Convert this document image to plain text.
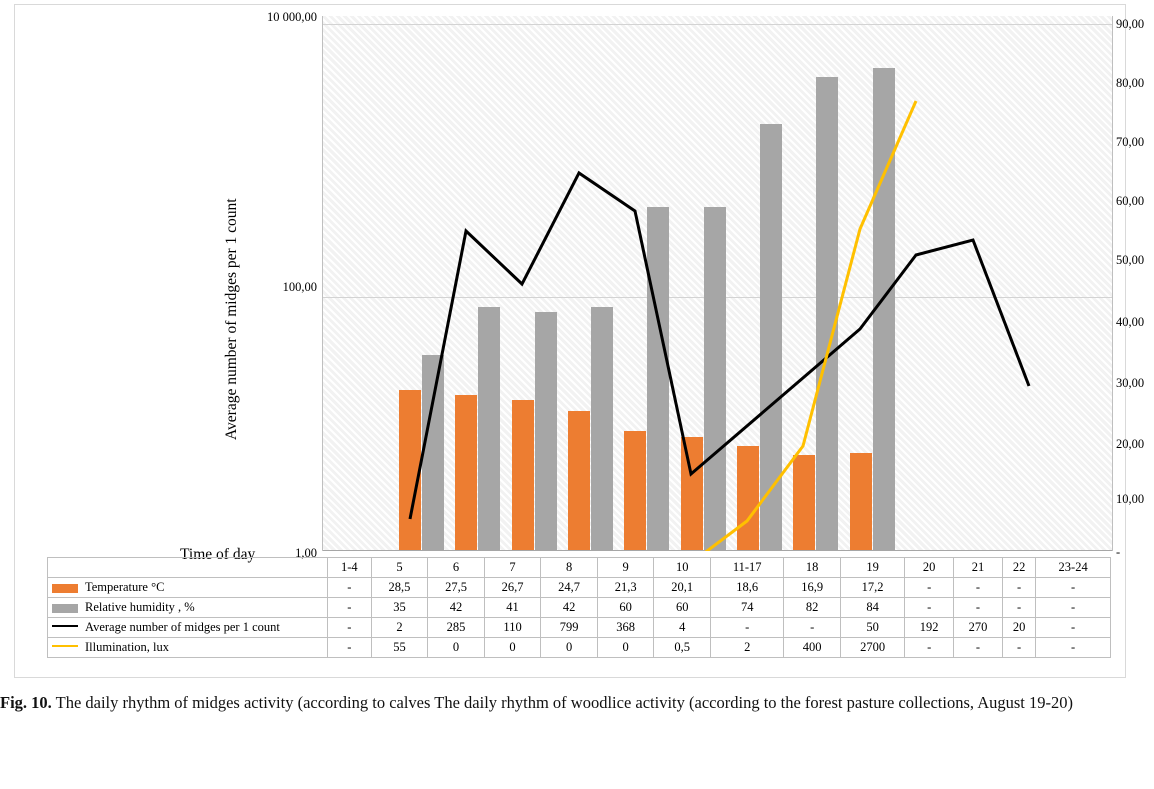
10 000,00
100,00
1,00
90,00
80,00
70,00
60,00
50,00
40,00
30,00
20,00
10,00
-
Average number of midges per 1 count
Time of day
	1-4	5	6	7	8	9	10	11-17	18	19	20	21	22	23-24
Temperature °C	-	28,5	27,5	26,7	24,7	21,3	20,1	18,6	16,9	17,2	-	-	-	-
Relative humidity , %	-	35	42	41	42	60	60	74	82	84	-	-	-	-
Average number of midges per 1 count	-	2	285	110	799	368	4	-	-	50	192	270	20	-
Illumination, lux	-	55	0	0	0	0	0,5	2	400	2700	-	-	-	-
Fig. 10. The daily rhythm of midges activity (according to calves The daily rhythm of woodlice activity (according to the forest pasture collections, August 19-20)
